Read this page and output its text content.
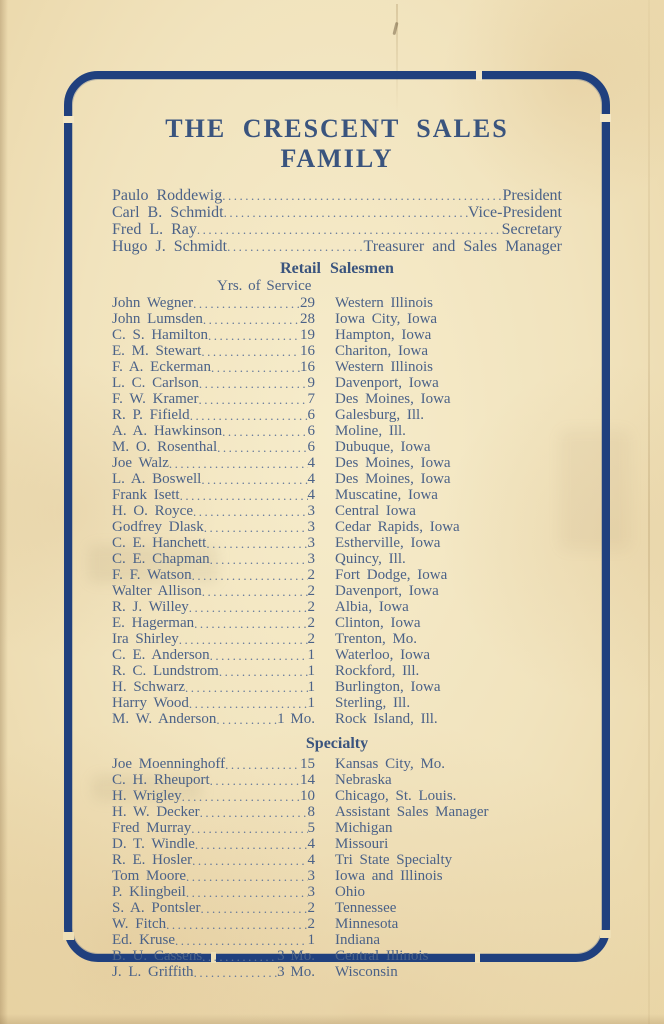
THE CRESCENT SALES FAMILY
Paulo Roddewig .....	President
Carl B. Schmidt .....	Vice-President
Fred L. Ray .....	Secretary
Hugo J. Schmidt .....	Treasurer and Sales Manager
Retail Salesmen
Yrs. of Service
John Wegner .....	29	Western Illinois
John Lumsden .....	28	Iowa City, Iowa
C. S. Hamilton .....	19	Hampton, Iowa
E. M. Stewart .....	16	Chariton, Iowa
F. A. Eckerman .....	16	Western Illinois
L. C. Carlson .....	9	Davenport, Iowa
F. W. Kramer .....	7	Des Moines, Iowa
R. P. Fifield .....	6	Galesburg, Ill.
A. A. Hawkinson .....	6	Moline, Ill.
M. O. Rosenthal .....	6	Dubuque, Iowa
Joe Walz .....	4	Des Moines, Iowa
L. A. Boswell .....	4	Des Moines, Iowa
Frank Isett .....	4	Muscatine, Iowa
H. O. Royce .....	3	Central Iowa
Godfrey Dlask .....	3	Cedar Rapids, Iowa
C. E. Hanchett .....	3	Estherville, Iowa
C. E. Chapman .....	3	Quincy, Ill.
F. F. Watson .....	2	Fort Dodge, Iowa
Walter Allison .....	2	Davenport, Iowa
R. J. Willey .....	2	Albia, Iowa
E. Hagerman .....	2	Clinton, Iowa
Ira Shirley .....	2	Trenton, Mo.
C. E. Anderson .....	1	Waterloo, Iowa
R. C. Lundstrom .....	1	Rockford, Ill.
H. Schwarz .....	1	Burlington, Iowa
Harry Wood .....	1	Sterling, Ill.
M. W. Anderson .....	1 Mo.	Rock Island, Ill.
Specialty
Joe Moenninghoff .....	15	Kansas City, Mo.
C. H. Rheuport .....	14	Nebraska
H. Wrigley .....	10	Chicago, St. Louis.
H. W. Decker .....	8	Assistant Sales Manager
Fred Murray .....	5	Michigan
D. T. Windle .....	4	Missouri
R. E. Hosler .....	4	Tri State Specialty
Tom Moore .....	3	Iowa and Illinois
P. Klingbeil .....	3	Ohio
S. A. Pontsler .....	2	Tennessee
W. Fitch .....	2	Minnesota
Ed. Kruse .....	1	Indiana
B. U. Cassens .....	3 Mo.	Central Illinois
J. L. Griffith .....	3 Mo.	Wisconsin
